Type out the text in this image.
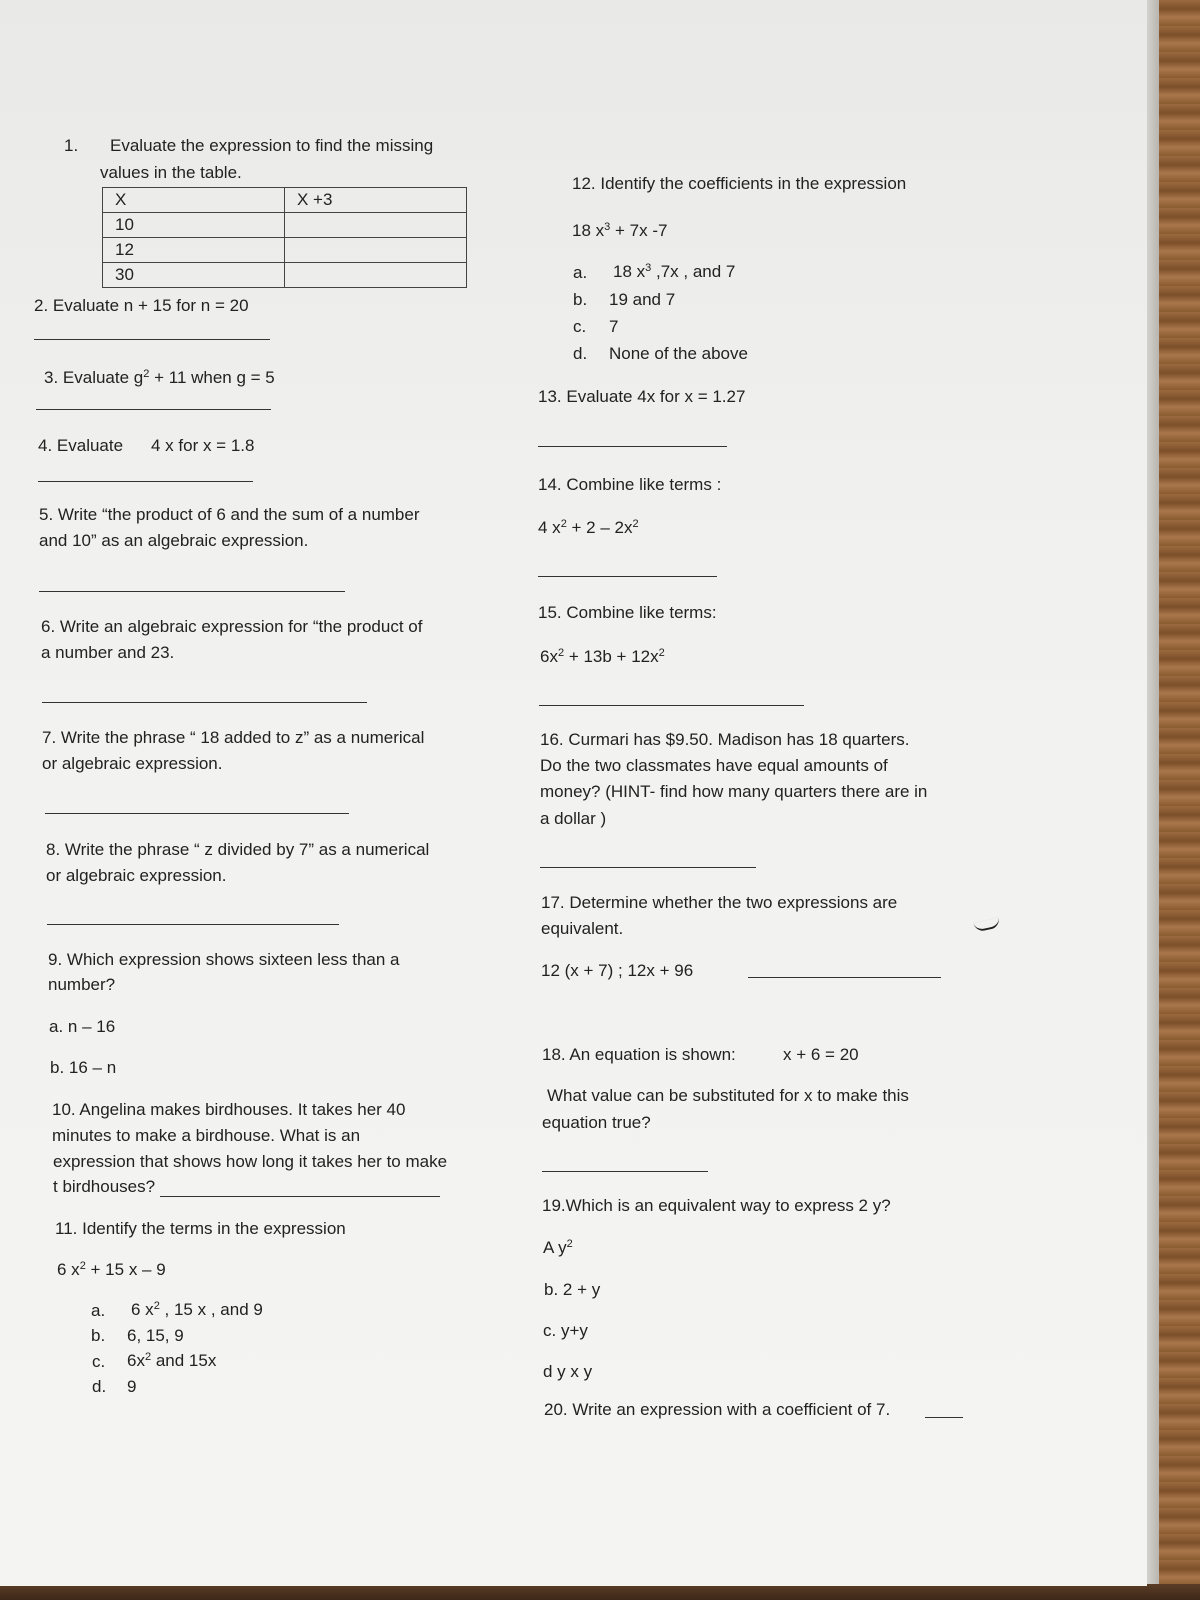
1. Evaluate the expression to find the missing
values in the table.
X	X +3
10	
12	
30	
2. Evaluate n + 15 for n = 20
3. Evaluate $g^2 + 11$ when g = 5
4. Evaluate 4 x for x = 1.8
5. Write “the product of 6 and the sum of a number
and 10” as an algebraic expression.
6. Write an algebraic expression for “the product of
a number and 23.
7. Write the phrase “ 18 added to z” as a numerical
or algebraic expression.
8. Write the phrase “ z divided by 7” as a numerical
or algebraic expression.
9. Which expression shows sixteen less than a
number?
a. n – 16
b. 16 – n
10. Angelina makes birdhouses. It takes her 40
minutes to make a birdhouse. What is an
expression that shows how long it takes her to make
t birdhouses?
11. Identify the terms in the expression
6 $x^2 + 15$ x – 9
a. 6 $x^2$ , 15 x , and 9
b. 6, 15, 9
c. $6x^2$ and 15x
d. 9
12. Identify the coefficients in the expression
18 $x^3 + 7x$ -7
a. 18 $x^3$ ,7x , and 7
b. 19 and 7
c. 7
d. None of the above
13. Evaluate 4x for x = 1.27
14. Combine like terms :
4 $x^2 + 2 - 2x^2$
15. Combine like terms:
$6x^2 + 13b + 12x^2$
16. Curmari has $9.50. Madison has 18 quarters.
Do the two classmates have equal amounts of
money? (HINT- find how many quarters there are in
a dollar )
17. Determine whether the two expressions are
equivalent.
12 (x + 7) ; 12x + 96
18. An equation is shown:	x + 6 = 20
What value can be substituted for x to make this
equation true?
19.Which is an equivalent way to express 2 y?
A $y^2$
b. 2 + y
c. y+y
d y x y
20. Write an expression with a coefficient of 7.
